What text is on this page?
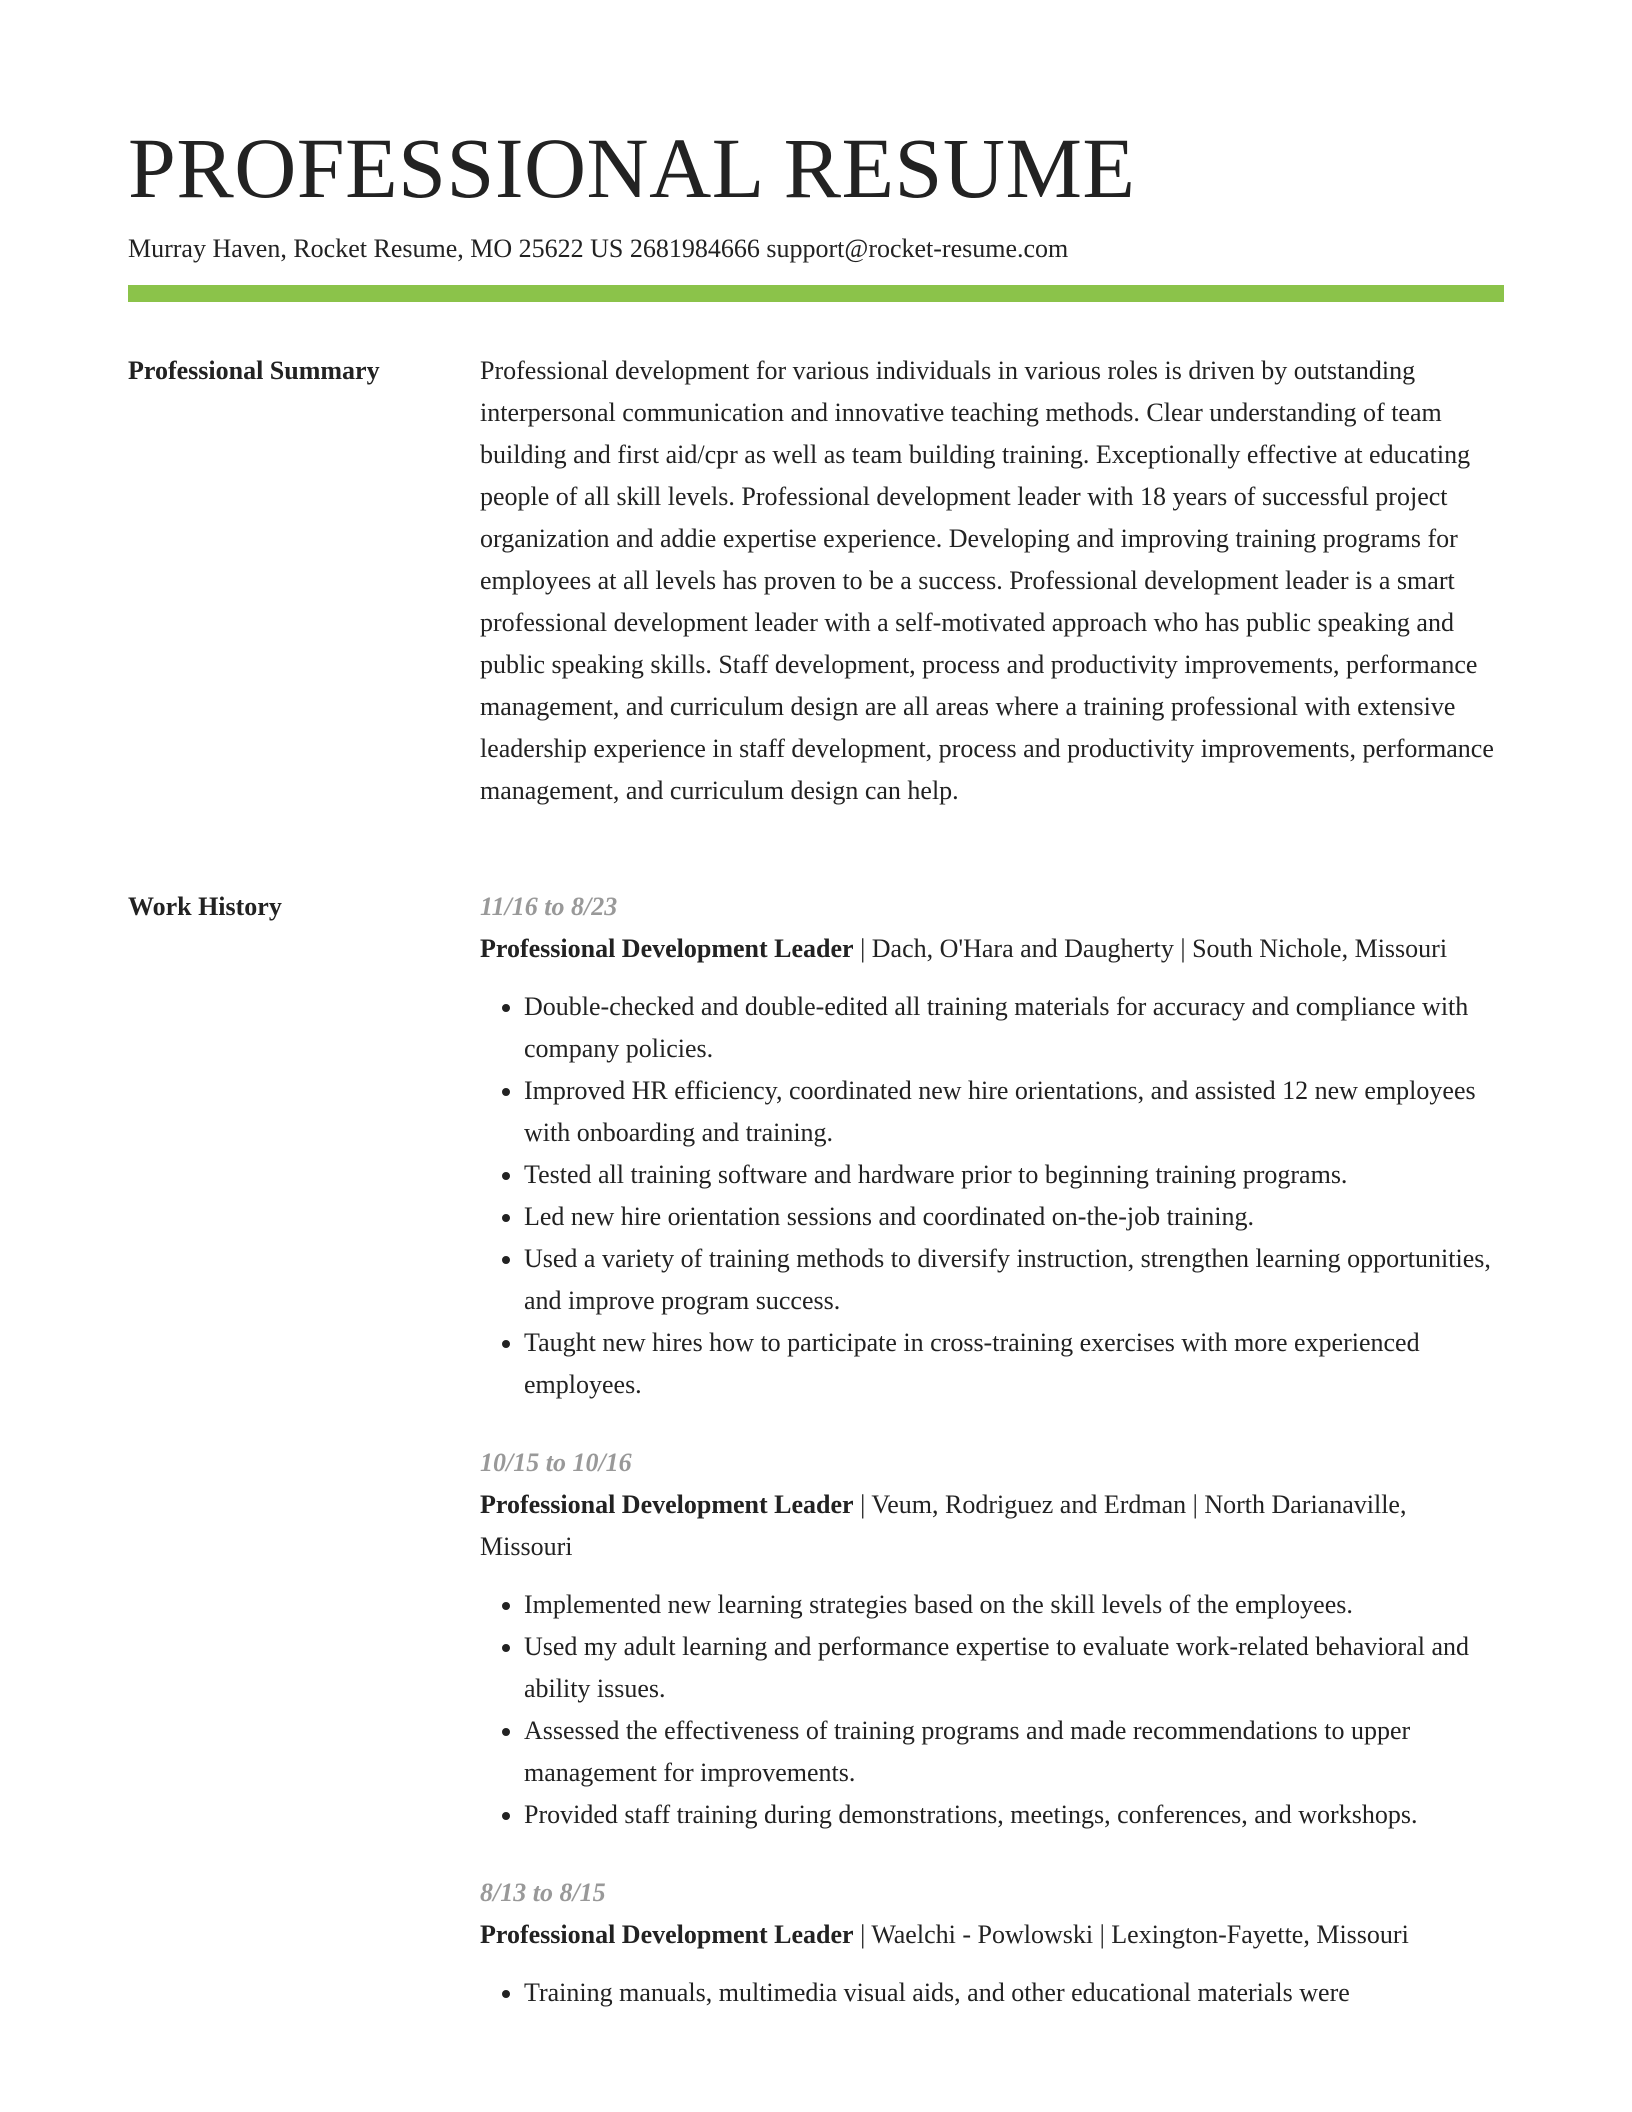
PROFESSIONAL RESUME
Murray Haven, Rocket Resume, MO 25622 US 2681984666 support@rocket-resume.com
Professional Summary	Professional development for various individuals in various roles is driven by outstanding interpersonal communication and innovative teaching methods. Clear understanding of team building and first aid/cpr as well as team building training. Exceptionally effective at educating people of all skill levels. Professional development leader with 18 years of successful project organization and addie expertise experience. Developing and improving training programs for employees at all levels has proven to be a success. Professional development leader is a smart professional development leader with a self-motivated approach who has public speaking and public speaking skills. Staff development, process and productivity improvements, performance management, and curriculum design are all areas where a training professional with extensive leadership experience in staff development, process and productivity improvements, performance management, and curriculum design can help.
Work History	11/16 to 8/23
Professional Development Leader | Dach, O'Hara and Daugherty | South Nichole, Missouri
• Double-checked and double-edited all training materials for accuracy and compliance with company policies.
• Improved HR efficiency, coordinated new hire orientations, and assisted 12 new employees with onboarding and training.
• Tested all training software and hardware prior to beginning training programs.
• Led new hire orientation sessions and coordinated on-the-job training.
• Used a variety of training methods to diversify instruction, strengthen learning opportunities, and improve program success.
• Taught new hires how to participate in cross-training exercises with more experienced employees.
10/15 to 10/16
Professional Development Leader | Veum, Rodriguez and Erdman | North Darianaville, Missouri
• Implemented new learning strategies based on the skill levels of the employees.
• Used my adult learning and performance expertise to evaluate work-related behavioral and ability issues.
• Assessed the effectiveness of training programs and made recommendations to upper management for improvements.
• Provided staff training during demonstrations, meetings, conferences, and workshops.
8/13 to 8/15
Professional Development Leader | Waelchi - Powlowski | Lexington-Fayette, Missouri
• Training manuals, multimedia visual aids, and other educational materials were
